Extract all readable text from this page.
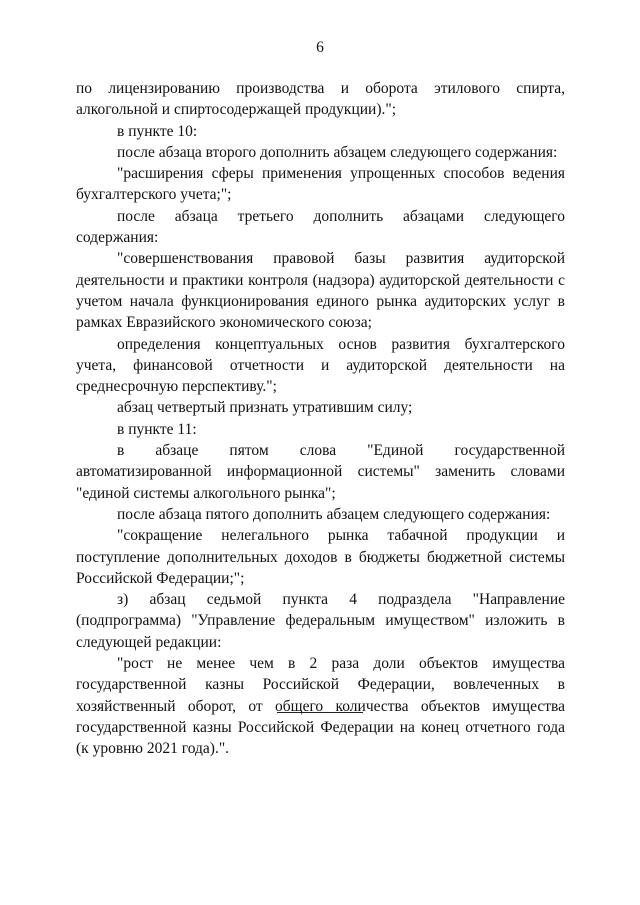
6

по лицензированию производства и оборота этилового спирта, алкогольной и спиртосодержащей продукции).";

в пункте 10:

после абзаца второго дополнить абзацем следующего содержания:

"расширения сферы применения упрощенных способов ведения бухгалтерского учета;";

после абзаца третьего дополнить абзацами следующего содержания:

"совершенствования правовой базы развития аудиторской деятельности и практики контроля (надзора) аудиторской деятельности с учетом начала функционирования единого рынка аудиторских услуг в рамках Евразийского экономического союза;

определения концептуальных основ развития бухгалтерского учета, финансовой отчетности и аудиторской деятельности на среднесрочную перспективу.";

абзац четвертый признать утратившим силу;

в пункте 11:

в абзаце пятом слова "Единой государственной автоматизированной информационной системы" заменить словами "единой системы алкогольного рынка";

после абзаца пятого дополнить абзацем следующего содержания:

"сокращение нелегального рынка табачной продукции и поступление дополнительных доходов в бюджеты бюджетной системы Российской Федерации;";

з) абзац седьмой пункта 4 подраздела "Направление (подпрограмма) "Управление федеральным имуществом" изложить в следующей редакции:

"рост не менее чем в 2 раза доли объектов имущества государственной казны Российской Федерации, вовлеченных в хозяйственный оборот, от общего количества объектов имущества государственной казны Российской Федерации на конец отчетного года (к уровню 2021 года).".
